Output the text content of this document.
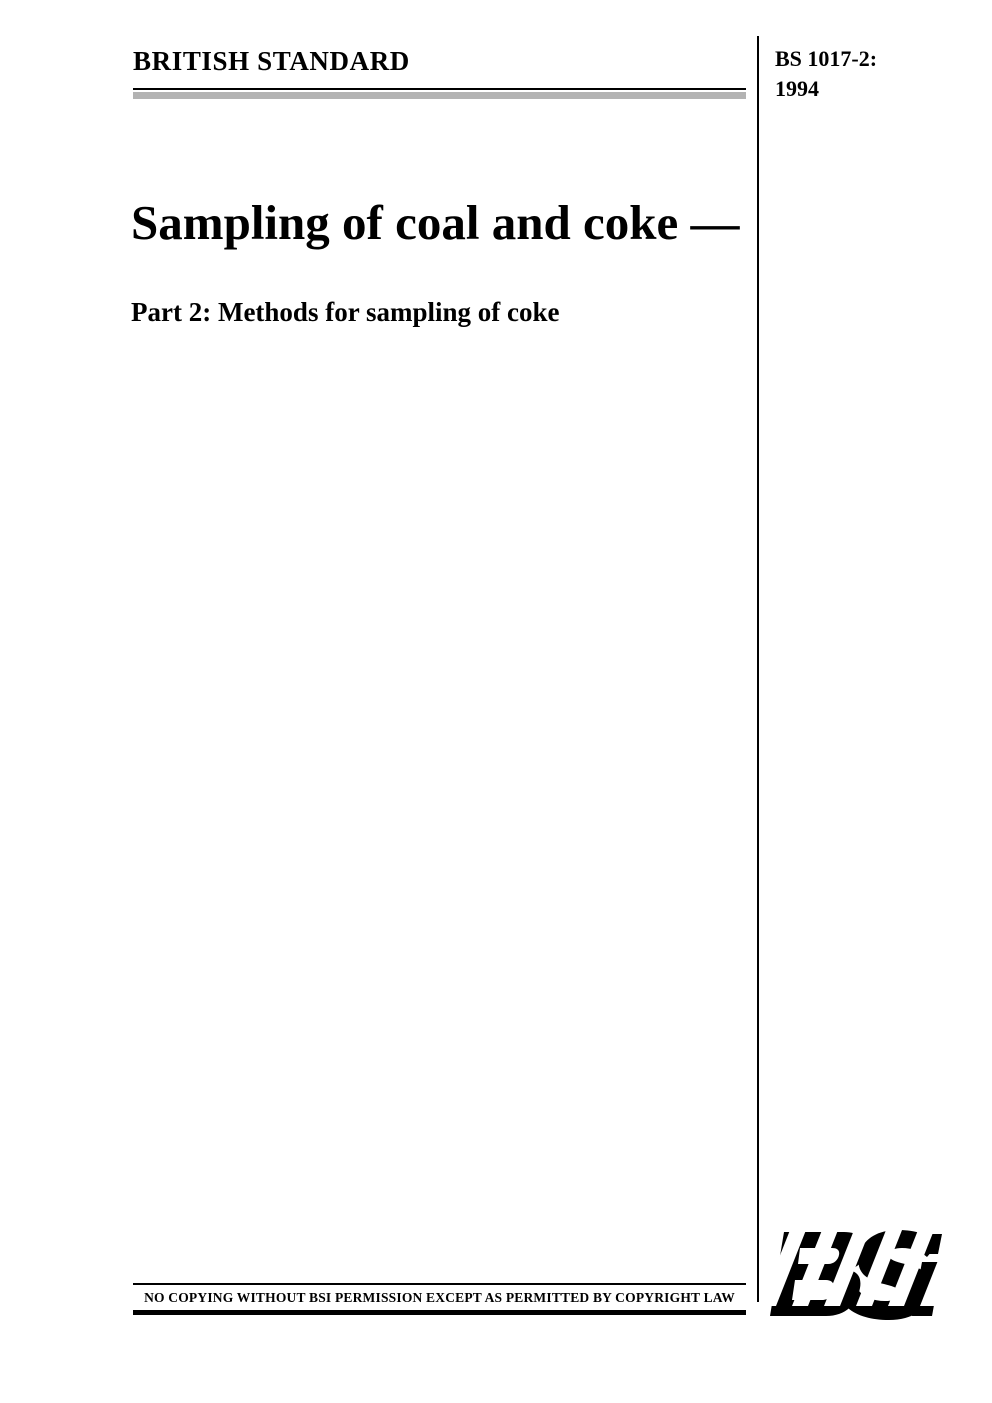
BRITISH STANDARD	BS 1017-2:
1994
Sampling of coal and coke —
Part 2: Methods for sampling of coke
NO COPYING WITHOUT BSI PERMISSION EXCEPT AS PERMITTED BY COPYRIGHT LAW
